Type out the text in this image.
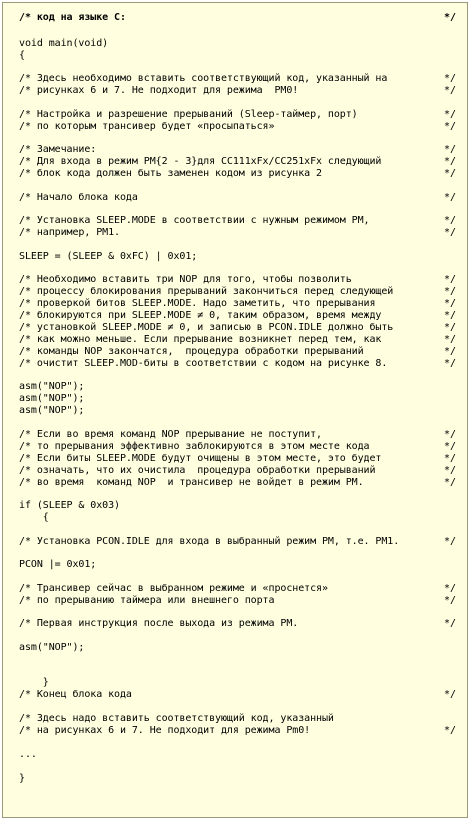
/* код на языке C:	*/
void main(void)
{
/* Здесь необходимо вставить соответствующий код, указанный на	*/
/* рисунках 6 и 7. Не подходит для режима  PM0!	*/
/* Настройка и разрешение прерываний (Sleep-таймер, порт)	*/
/* по которым трансивер будет «просыпаться»	*/
/* Замечание:	*/
/* Для входа в режим PM{2 - 3}для CC111xFx/CC251xFx следующий	*/
/* блок кода должен быть заменен кодом из рисунка 2	*/
/* Начало блока кода	*/
/* Установка SLEEP.MODE в соответствии с нужным режимом PM,	*/
/* например, PM1.	*/
SLEEP = (SLEEP & 0xFC) | 0x01;
/* Необходимо вставить три NOP для того, чтобы позволить	*/
/* процессу блокирования прерываний закончиться перед следующей	*/
/* проверкой битов SLEEP.MODE. Надо заметить, что прерывания	*/
/* блокируются при SLEEP.MODE ≠ 0, таким образом, время между	*/
/* установкой SLEEP.MODE ≠ 0, и записью в PCON.IDLE должно быть	*/
/* как можно меньше. Если прерывание возникнет перед тем, как	*/
/* команды NOP закончатся,  процедура обработки прерываний	*/
/* очистит SLEEP.MOD-биты в соответствии с кодом на рисунке 8.	*/
asm("NOP");
asm("NOP");
asm("NOP");
/* Если во время команд NOP прерывание не поступит,	*/
/* то прерывания эффективно заблокируются в этом месте кода	*/
/* Если биты SLEEP.MODE будут очищены в этом месте, это будет	*/
/* означать, что их очистила  процедура обработки прерываний	*/
/* во время  команд NOP  и трансивер не войдет в режим PM.	*/
if (SLEEP & 0x03)
{
/* Установка PCON.IDLE для входа в выбранный режим PM, т.е. PM1.	*/
PCON |= 0x01;
/* Трансивер сейчас в выбранном режиме и «проснется»	*/
/* по прерыванию таймера или внешнего порта	*/
/* Первая инструкция после выхода из режима PM.	*/
asm("NOP");
}
/* Конец блока кода	*/
/* Здесь надо вставить соответствующий код, указанный
/* на рисунках 6 и 7. Не подходит для режима Pm0!	*/
...
}
